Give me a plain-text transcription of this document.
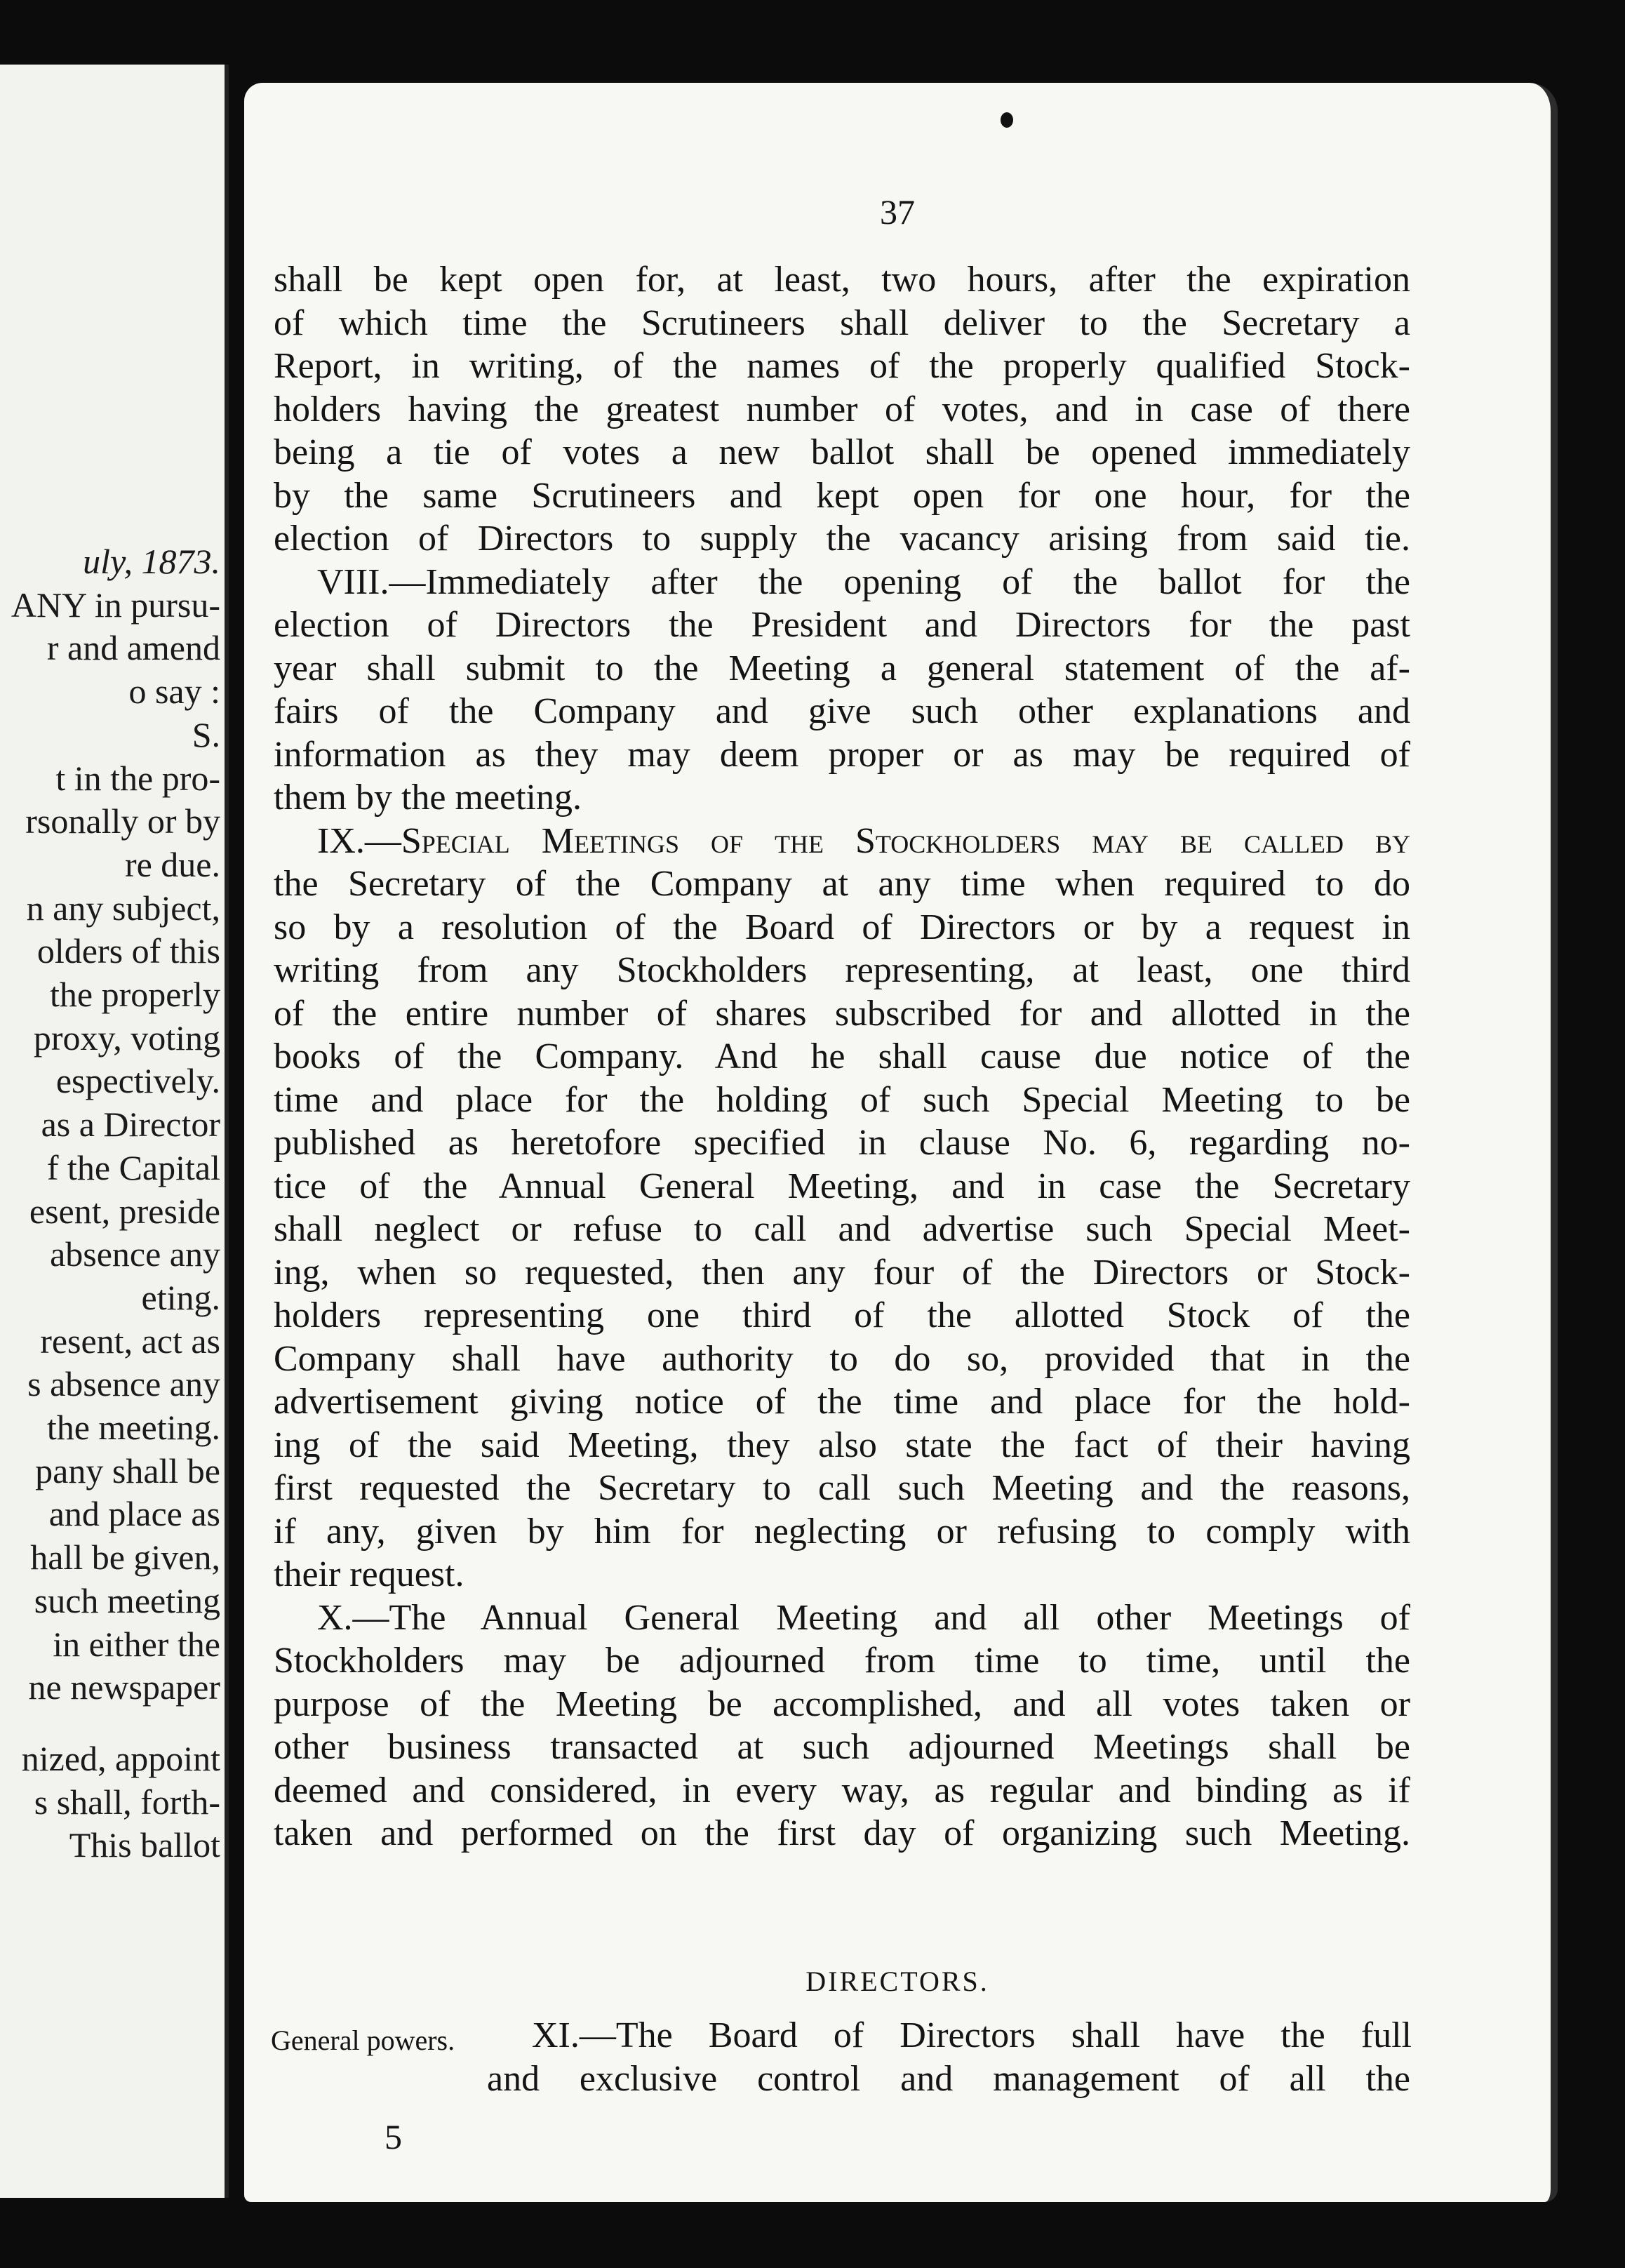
uly, 1873.
ANY in pursu-
r and amend
o say :
S.
t in the pro-
rsonally or by
re due.
n any subject,
olders of this
the properly
proxy, voting
espectively.
as a Director
f the Capital
esent, preside
absence any
eting.
resent, act as
s absence any
the meeting.
pany shall be
and place as
hall be given,
such meeting
in either the
ne newspaper
nized, appoint
s shall, forth-
This ballot
37
shall be kept open for, at least, two hours, after the expiration
of which time the Scrutineers shall deliver to the Secretary a
Report, in writing, of the names of the properly qualified Stock-
holders having the greatest number of votes, and in case of there
being a tie of votes a new ballot shall be opened immediately
by the same Scrutineers and kept open for one hour, for the
election of Directors to supply the vacancy arising from said tie.
VIII.—Immediately after the opening of the ballot for the
election of Directors the President and Directors for the past
year shall submit to the Meeting a general statement of the af-
fairs of the Company and give such other explanations and
information as they may deem proper or as may be required of
them by the meeting.
IX.—Special Meetings of the Stockholders may be called by
the Secretary of the Company at any time when required to do
so by a resolution of the Board of Directors or by a request in
writing from any Stockholders representing, at least, one third
of the entire number of shares subscribed for and allotted in the
books of the Company. And he shall cause due notice of the
time and place for the holding of such Special Meeting to be
published as heretofore specified in clause No. 6, regarding no-
tice of the Annual General Meeting, and in case the Secretary
shall neglect or refuse to call and advertise such Special Meet-
ing, when so requested, then any four of the Directors or Stock-
holders representing one third of the allotted Stock of the
Company shall have authority to do so, provided that in the
advertisement giving notice of the time and place for the hold-
ing of the said Meeting, they also state the fact of their having
first requested the Secretary to call such Meeting and the reasons,
if any, given by him for neglecting or refusing to comply with
their request.
X.—The Annual General Meeting and all other Meetings of
Stockholders may be adjourned from time to time, until the
purpose of the Meeting be accomplished, and all votes taken or
other business transacted at such adjourned Meetings shall be
deemed and considered, in every way, as regular and binding as if
taken and performed on the first day of organizing such Meeting.
DIRECTORS.
General powers. XI.—The Board of Directors shall have the full
and exclusive control and management of all the
5
